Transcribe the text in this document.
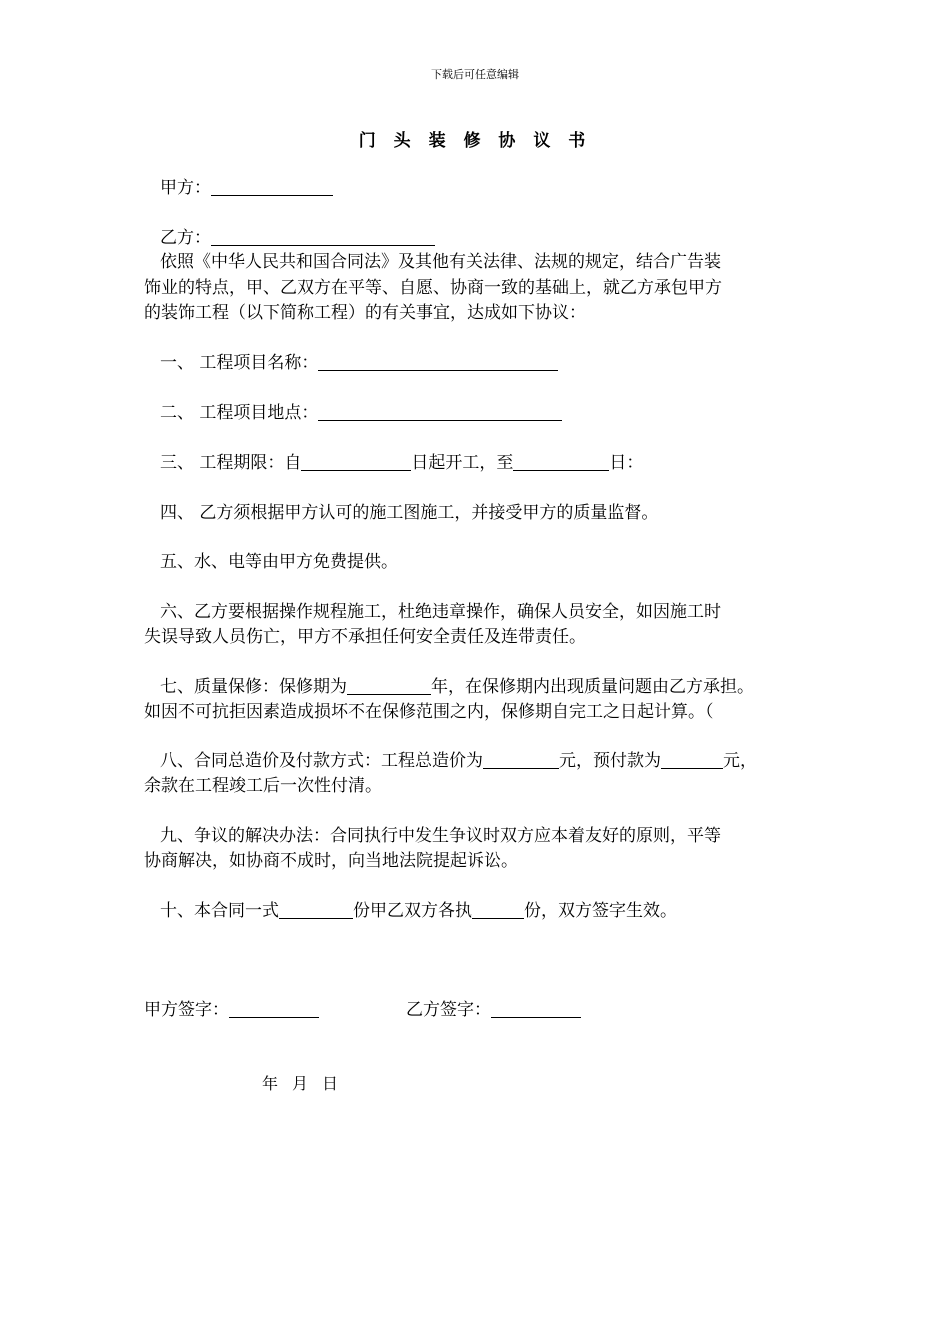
下载后可任意编辑
门 头 装 修 协 议 书
甲方：
乙方：
依照《中华人民共和国合同法》及其他有关法律、法规的规定，结合广告装
饰业的特点，甲、乙双方在平等、自愿、协商一致的基础上，就乙方承包甲方
的装饰工程（以下简称工程）的有关事宜，达成如下协议：
一、 工程项目名称：
二、 工程项目地点：
三、 工程期限：自	日起开工，至	日：
四、 乙方须根据甲方认可的施工图施工，并接受甲方的质量监督。
五、水、电等由甲方免费提供。
六、乙方要根据操作规程施工，杜绝违章操作，确保人员安全，如因施工时
失误导致人员伤亡，甲方不承担任何安全责任及连带责任。
七、质量保修：保修期为	年，在保修期内出现质量问题由乙方承担。
如因不可抗拒因素造成损坏不在保修范围之内，保修期自完工之日起计算。（
八、合同总造价及付款方式：工程总造价为	元，预付款为	元，
余款在工程竣工后一次性付清。
九、争议的解决办法：合同执行中发生争议时双方应本着友好的原则，平等
协商解决，如协商不成时，向当地法院提起诉讼。
十、本合同一式	份甲乙双方各执	份，双方签字生效。
甲方签字：	乙方签字：
年 月 日
